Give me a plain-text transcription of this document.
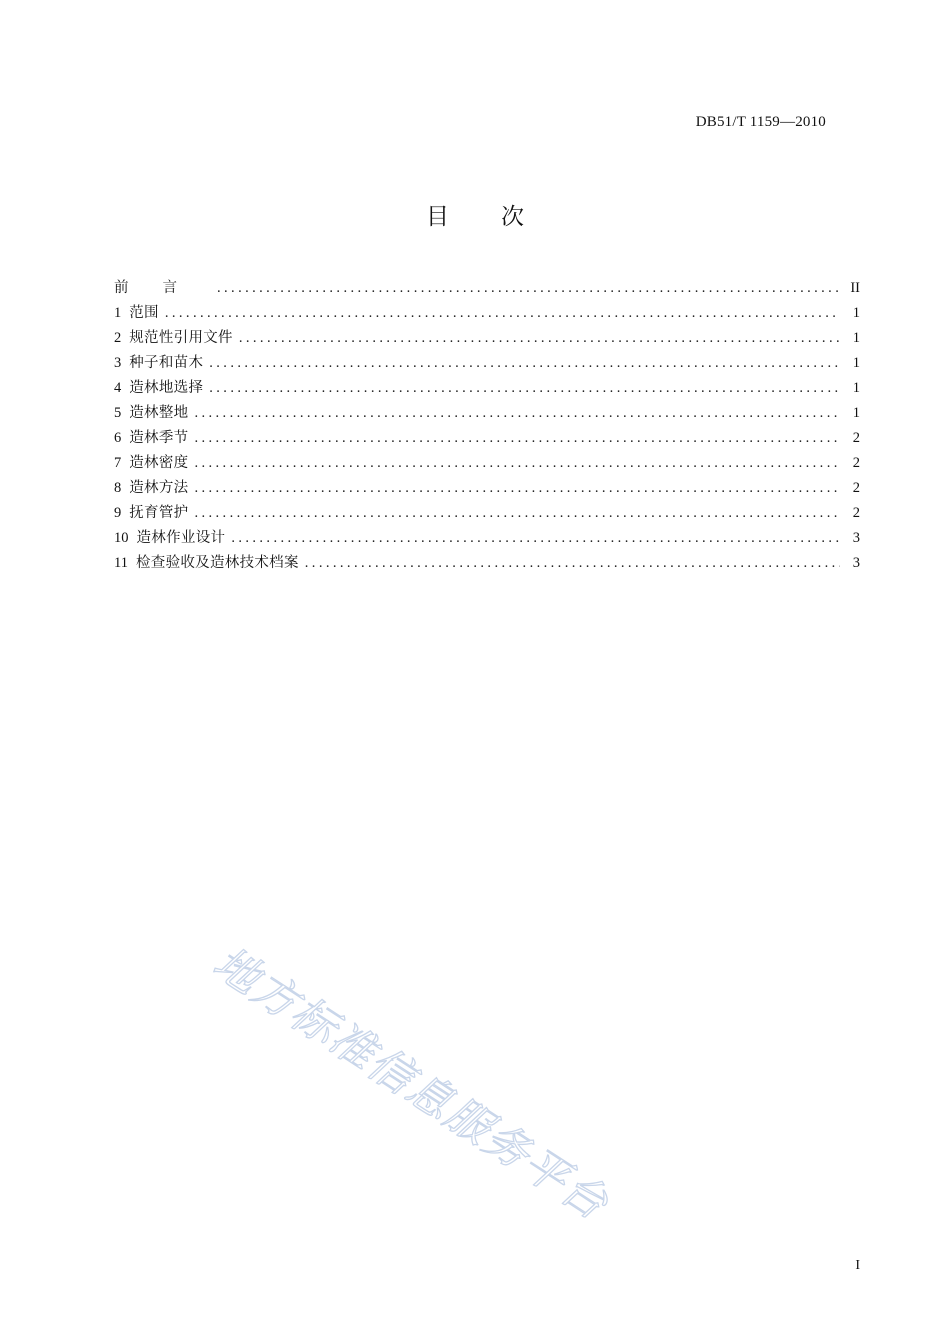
DB51/T 1159—2010
目 次
前言 .....	II
1 范围 .....	1
2 规范性引用文件 .....	1
3 种子和苗木 .....	1
4 造林地选择 .....	1
5 造林整地 .....	1
6 造林季节 .....	2
7 造林密度 .....	2
8 造林方法 .....	2
9 抚育管护 .....	2
10 造林作业设计 .....	3
11 检查验收及造林技术档案 .....	3
地方标准信息服务平台
I
